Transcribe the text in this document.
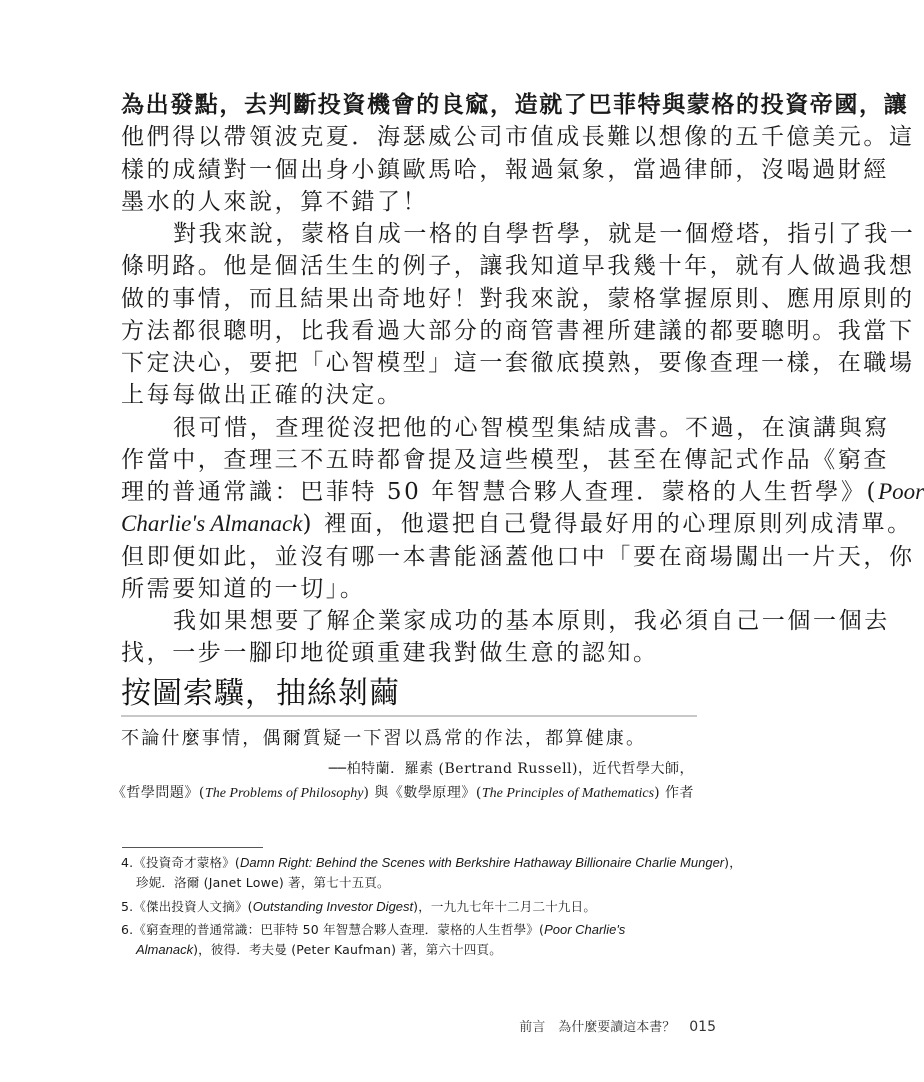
為出發點，去判斷投資機會的良窳，造就了巴菲特與蒙格的投資帝國，讓
他們得以帶領波克夏．海瑟威公司市值成長難以想像的五千億美元。這
樣的成績對一個出身小鎮歐馬哈，報過氣象，當過律師，沒喝過財經
墨水的人來說，算不錯了！
對我來說，蒙格自成一格的自學哲學，就是一個燈塔，指引了我一
條明路。他是個活生生的例子，讓我知道早我幾十年，就有人做過我想
做的事情，而且結果出奇地好！對我來說，蒙格掌握原則、應用原則的
方法都很聰明，比我看過大部分的商管書裡所建議的都要聰明。我當下
下定決心，要把「心智模型」這一套徹底摸熟，要像查理一樣，在職場
上每每做出正確的決定。
很可惜，查理從沒把他的心智模型集結成書。不過，在演講與寫
作當中，查理三不五時都會提及這些模型，甚至在傳記式作品《窮查
理的普通常識：巴菲特 50 年智慧合夥人查理．蒙格的人生哲學》(Poor
Charlie's Almanack) 裡面，他還把自己覺得最好用的心理原則列成清單。
但即便如此，並沒有哪一本書能涵蓋他口中「要在商場闖出一片天，你
所需要知道的一切」。
我如果想要了解企業家成功的基本原則，我必須自己一個一個去
找，一步一腳印地從頭重建我對做生意的認知。
按圖索驥，抽絲剝繭
不論什麼事情，偶爾質疑一下習以爲常的作法，都算健康。
──柏特蘭．羅素 (Bertrand Russell)，近代哲學大師，
《哲學問題》(The Problems of Philosophy) 與《數學原理》(The Principles of Mathematics) 作者
4.《投資奇才蒙格》(Damn Right: Behind the Scenes with Berkshire Hathaway Billionaire Charlie Munger)，
珍妮．洛爾 (Janet Lowe) 著，第七十五頁。
5.《傑出投資人文摘》(Outstanding Investor Digest)，一九九七年十二月二十九日。
6.《窮查理的普通常識：巴菲特 50 年智慧合夥人查理．蒙格的人生哲學》(Poor Charlie's
Almanack)，彼得．考夫曼 (Peter Kaufman) 著，第六十四頁。
前言　為什麼要讀這本書？ 015
